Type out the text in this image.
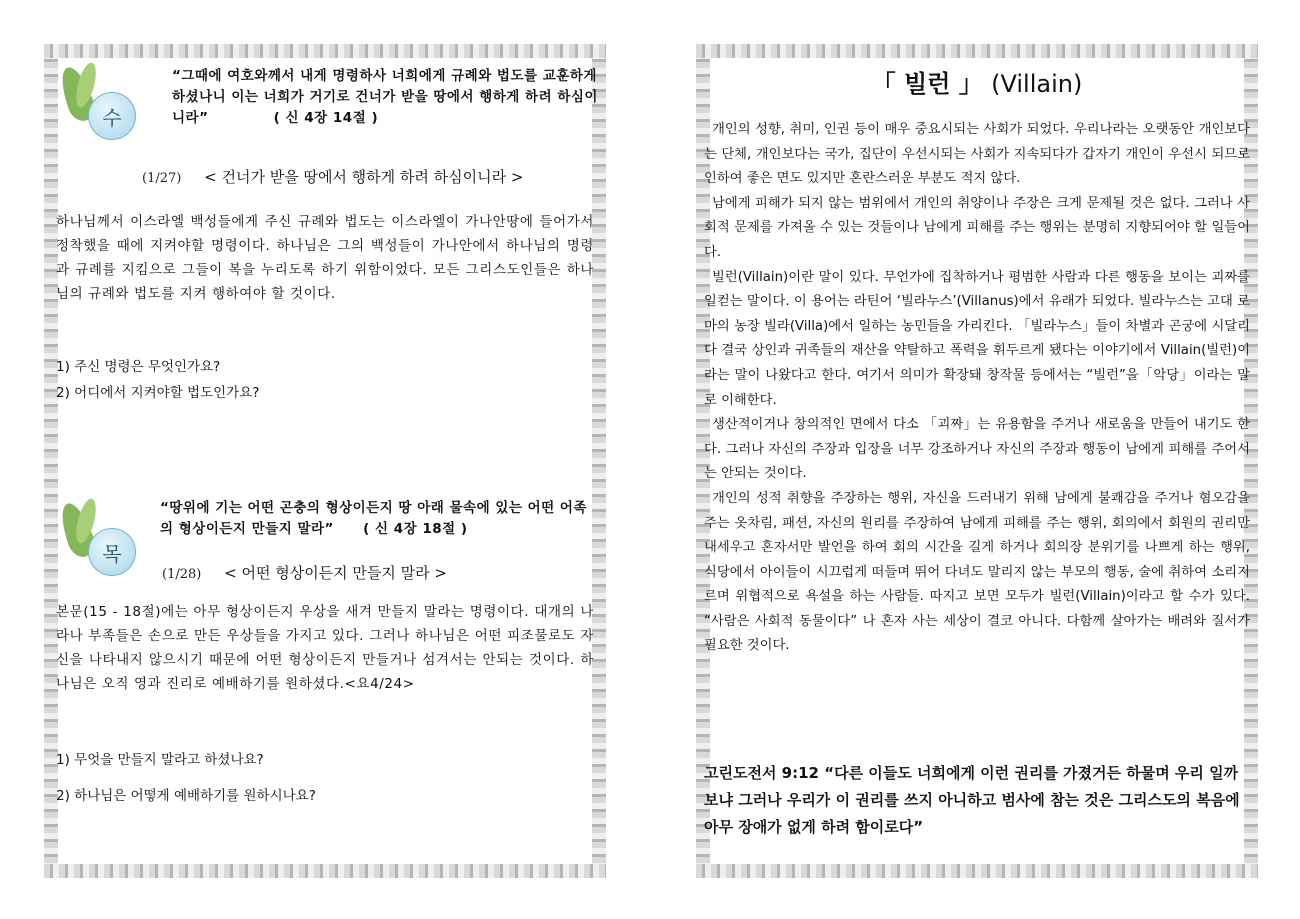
수
“그때에 여호와께서 내게 명령하사 너희에게 규례와 법도를 교훈하게 하셨나니 이는 너희가 거기로 건너가 받을 땅에서 행하게 하려 하심이니라”	( 신 4장 14절 )
(1/27) < 건너가 받을 땅에서 행하게 하려 하심이니라 >
하나님께서 이스라엘 백성들에게 주신 규례와 법도는 이스라엘이 가나안땅에 들어가서 정착했을 때에 지켜야할 명령이다. 하나님은 그의 백성들이 가나안에서 하나님의 명령과 규례를 지킴으로 그들이 복을 누리도록 하기 위함이었다. 모든 그리스도인들은 하나님의 규례와 법도를 지켜 행하여야 할 것이다.
1) 주신 명령은 무엇인가요?
2) 어디에서 지켜야할 법도인가요?
목
“땅위에 기는 어떤 곤충의 형상이든지 땅 아래 물속에 있는 어떤 어족의 형상이든지 만들지 말라” ( 신 4장 18절 )
(1/28) < 어떤 형상이든지 만들지 말라 >
본문(15 - 18절)에는 아무 형상이든지 우상을 새겨 만들지 말라는 명령이다. 대개의 나라나 부족들은 손으로 만든 우상들을 가지고 있다. 그러나 하나님은 어떤 피조물로도 자신을 나타내지 않으시기 때문에 어떤 형상이든지 만들거나 섬겨서는 안되는 것이다. 하나님은 오직 영과 진리로 예배하기를 원하셨다.<요4/24>
1) 무엇을 만들지 말라고 하셨나요?
2) 하나님은 어떻게 예배하기를 원하시나요?
「 빌런 」 (Villain)

개인의 성향, 취미, 인권 등이 매우 중요시되는 사회가 되었다. 우리나라는 오랫동안 개인보다는 단체, 개인보다는 국가, 집단이 우선시되는 사회가 지속되다가 갑자기 개인이 우선시 되므로 인하여 좋은 면도 있지만 혼란스러운 부분도 적지 않다.

남에게 피해가 되지 않는 범위에서 개인의 취양이나 주장은 크게 문제될 것은 없다. 그러나 사회적 문제를 가져올 수 있는 것들이나 남에게 피해를 주는 행위는 분명히 지향되어야 할 일들이다.

빌런(Villain)이란 말이 있다. 무언가에 집착하거나 평범한 사람과 다른 행동을 보이는 괴짜를 일컫는 말이다. 이 용어는 라틴어 ‘빌라누스’(Villanus)에서 유래가 되었다. 빌라누스는 고대 로마의 농장 빌라(Villa)에서 일하는 농민들을 가리킨다. 「빌라누스」들이 차별과 곤궁에 시달리다 결국 상인과 귀족들의 재산을 약탈하고 폭력을 휘두르게 됐다는 이야기에서 Villain(빌런)이라는 말이 나왔다고 한다. 여기서 의미가 확장돼 창작물 등에서는 “빌런”을「악당」이라는 말로 이해한다.

생산적이거나 창의적인 면에서 다소 「괴짜」는 유용함을 주거나 새로움을 만들어 내기도 한다. 그러나 자신의 주장과 입장을 너무 강조하거나 자신의 주장과 행동이 남에게 피해를 주어서는 안되는 것이다.

개인의 성적 취향을 주장하는 행위, 자신을 드러내기 위해 남에게 불쾌감을 주거나 혐오감을 주는 옷차림, 패션, 자신의 원리를 주장하여 남에게 피해를 주는 행위, 회의에서 회원의 권리만 내세우고 혼자서만 발언을 하여 회의 시간을 길게 하거나 회의장 분위기를 나쁘게 하는 행위, 식당에서 아이들이 시끄럽게 떠들며 뛰어 다녀도 말리지 않는 부모의 행동, 술에 취하여 소리지르며 위협적으로 욕설을 하는 사람들. 따지고 보면 모두가 빌런(Villain)이라고 할 수가 있다. “사람은 사회적 동물이다” 나 혼자 사는 세상이 결코 아니다. 다함께 살아가는 배려와 질서가 필요한 것이다.

고린도전서 9:12 “다른 이들도 너희에게 이런 권리를 가졌거든 하물며 우리 일까보냐 그러나 우리가 이 권리를 쓰지 아니하고 범사에 참는 것은 그리스도의 복음에 아무 장애가 없게 하려 함이로다”
